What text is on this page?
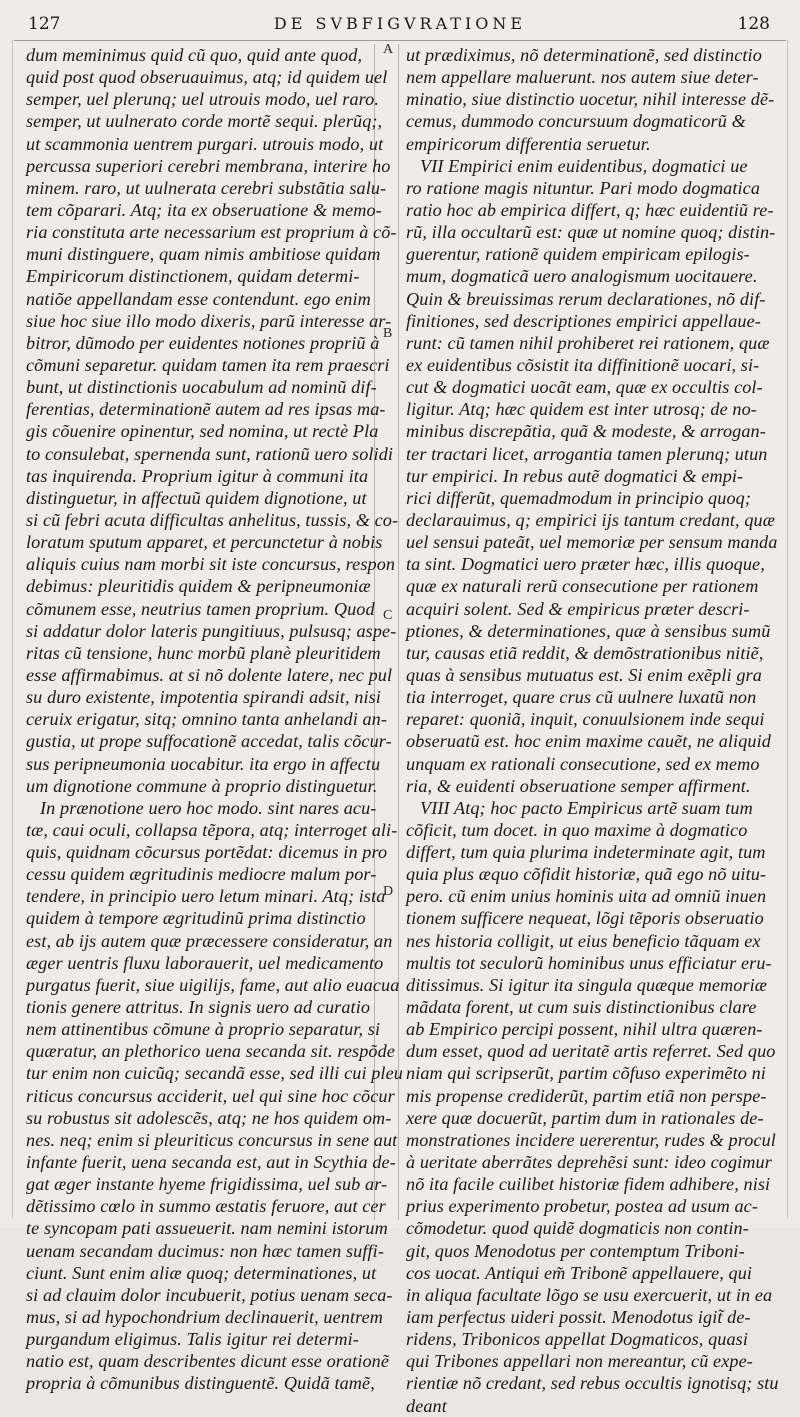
127	DE SVBFIGVRATIONE	128
A
B
C
D
dum meminimus quid cũ quo, quid ante quod,
quid post quod obseruauimus, atq; id quidem uel
semper, uel plerunq; uel utrouis modo, uel raro.
semper, ut uulnerato corde mortẽ sequi. plerũq;,
ut scammonia uentrem purgari. utrouis modo, ut
percussa superiori cerebri membrana, interire ho
minem. raro, ut uulnerata cerebri substãtia salu-
tem cõparari. Atq; ita ex obseruatione & memo-
ria constituta arte necessarium est proprium à cõ-
muni distinguere, quam nimis ambitiose quidam
Empiricorum distinctionem, quidam determi-
natiõe appellandam esse contendunt. ego enim
siue hoc siue illo modo dixeris, parũ interesse ar-
bitror, dũmodo per euidentes notiones propriũ à
cõmuni separetur. quidam tamen ita rem praescri
bunt, ut distinctionis uocabulum ad nominũ dif-
ferentias, determinationẽ autem ad res ipsas ma-
gis cõuenire opinentur, sed nomina, ut rectè Pla
to consulebat, spernenda sunt, rationũ uero solidi
tas inquirenda. Proprium igitur à communi ita
distinguetur, in affectuũ quidem dignotione, ut
si cũ febri acuta difficultas anhelitus, tussis, & co-
loratum sputum apparet, et percunctetur à nobis
aliquis cuius nam morbi sit iste concursus, respon
debimus: pleuritidis quidem & peripneumoniæ
cõmunem esse, neutrius tamen proprium. Quod
si addatur dolor lateris pungitiuus, pulsusq; aspe-
ritas cũ tensione, hunc morbũ planè pleuritidem
esse affirmabimus. at si nõ dolente latere, nec pul
su duro existente, impotentia spirandi adsit, nisi
ceruix erigatur, sitq; omnino tanta anhelandi an-
gustia, ut prope suffocationẽ accedat, talis cõcur-
sus peripneumonia uocabitur. ita ergo in affectu
um dignotione commune à proprio distinguetur.
In prænotione uero hoc modo. sint nares acu-
tæ, caui oculi, collapsa tẽpora, atq; interroget ali-
quis, quidnam cõcursus portẽdat: dicemus in pro
cessu quidem ægritudinis mediocre malum por-
tendere, in principio uero letum minari. Atq; ista
quidem à tempore ægritudinũ prima distinctio
est, ab ijs autem quæ præcessere consideratur, an
æger uentris fluxu laborauerit, uel medicamento
purgatus fuerit, siue uigilijs, fame, aut alio euacua
tionis genere attritus. In signis uero ad curatio
nem attinentibus cõmune à proprio separatur, si
quæratur, an plethorico uena secanda sit. respõde
tur enim non cuicũq; secandã esse, sed illi cui pleu
riticus concursus acciderit, uel qui sine hoc cõcur
su robustus sit adolescẽs, atq; ne hos quidem om-
nes. neq; enim si pleuriticus concursus in sene aut
infante fuerit, uena secanda est, aut in Scythia de-
gat æger instante hyeme frigidissima, uel sub ar-
dẽtissimo cœlo in summo æstatis feruore, aut cer
te syncopam pati assueuerit. nam nemini istorum
uenam secandam ducimus: non hæc tamen suffi-
ciunt. Sunt enim aliæ quoq; determinationes, ut
si ad clauim dolor incubuerit, potius uenam seca-
mus, si ad hypochondrium declinauerit, uentrem
purgandum eligimus. Talis igitur rei determi-
natio est, quam describentes dicunt esse orationẽ
propria à cõmunibus distinguentẽ. Quidã tamẽ,
ut prædiximus, nõ determinationẽ, sed distinctio
nem appellare maluerunt. nos autem siue deter-
minatio, siue distinctio uocetur, nihil interesse dẽ-
cemus, dummodo concursuum dogmaticorũ &
empiricorum differentia seruetur.
VII Empirici enim euidentibus, dogmatici ue
ro ratione magis nituntur. Pari modo dogmatica
ratio hoc ab empirica differt, q; hæc euidentiũ re-
rũ, illa occultarũ est: quæ ut nomine quoq; distin-
guerentur, rationẽ quidem empiricam epilogis-
mum, dogmaticã uero analogismum uocitauere.
Quin & breuissimas rerum declarationes, nõ dif-
finitiones, sed descriptiones empirici appellaue-
runt: cũ tamen nihil prohiberet rei rationem, quæ
ex euidentibus cõsistit ita diffinitionẽ uocari, si-
cut & dogmatici uocãt eam, quæ ex occultis col-
ligitur. Atq; hæc quidem est inter utrosq; de no-
minibus discrepãtia, quã & modeste, & arrogan-
ter tractari licet, arrogantia tamen plerunq; utun
tur empirici. In rebus autẽ dogmatici & empi-
rici differũt, quemadmodum in principio quoq;
declarauimus, q; empirici ijs tantum credant, quæ
uel sensui pateãt, uel memoriæ per sensum manda
ta sint. Dogmatici uero præter hæc, illis quoque,
quæ ex naturali rerũ consecutione per rationem
acquiri solent. Sed & empiricus præter descri-
ptiones, & determinationes, quæ à sensibus sumũ
tur, causas etiã reddit, & demõstrationibus nitiẽ,
quas à sensibus mutuatus est. Si enim exẽpli gra
tia interroget, quare crus cũ uulnere luxatũ non
reparet: quoniã, inquit, conuulsionem inde sequi
obseruatũ est. hoc enim maxime cauẽt, ne aliquid
unquam ex rationali consecutione, sed ex memo
ria, & euidenti obseruatione semper affirment.
VIII Atq; hoc pacto Empiricus artẽ suam tum
cõficit, tum docet. in quo maxime à dogmatico
differt, tum quia plurima indeterminate agit, tum
quia plus æquo cõfidit historiæ, quã ego nõ uitu-
pero. cũ enim unius hominis uita ad omniũ inuen
tionem sufficere nequeat, lõgi tẽporis obseruatio
nes historia colligit, ut eius beneficio tãquam ex
multis tot seculorũ hominibus unus efficiatur eru-
ditissimus. Si igitur ita singula quæque memoriæ
mãdata forent, ut cum suis distinctionibus clare
ab Empirico percipi possent, nihil ultra quæren-
dum esset, quod ad ueritatẽ artis referret. Sed quo
niam qui scripserũt, partim cõfuso experimẽto ni
mis propense crediderũt, partim etiã non perspe-
xere quæ docuerũt, partim dum in rationales de-
monstrationes incidere uererentur, rudes & procul
à ueritate aberrãtes deprehẽsi sunt: ideo cogimur
nõ ita facile cuilibet historiæ fidem adhibere, nisi
prius experimento probetur, postea ad usum ac-
cõmodetur. quod quidẽ dogmaticis non contin-
git, quos Menodotus per contemptum Triboni-
cos uocat. Antiqui em̃ Tribonẽ appellauere, qui
in aliqua facultate lõgo se usu exercuerit, ut in ea
iam perfectus uideri possit. Menodotus igit̃ de-
ridens, Tribonicos appellat Dogmaticos, quasi
qui Tribones appellari non mereantur, cũ expe-
rientiæ nõ credant, sed rebus occultis ignotisq; stu
deant
